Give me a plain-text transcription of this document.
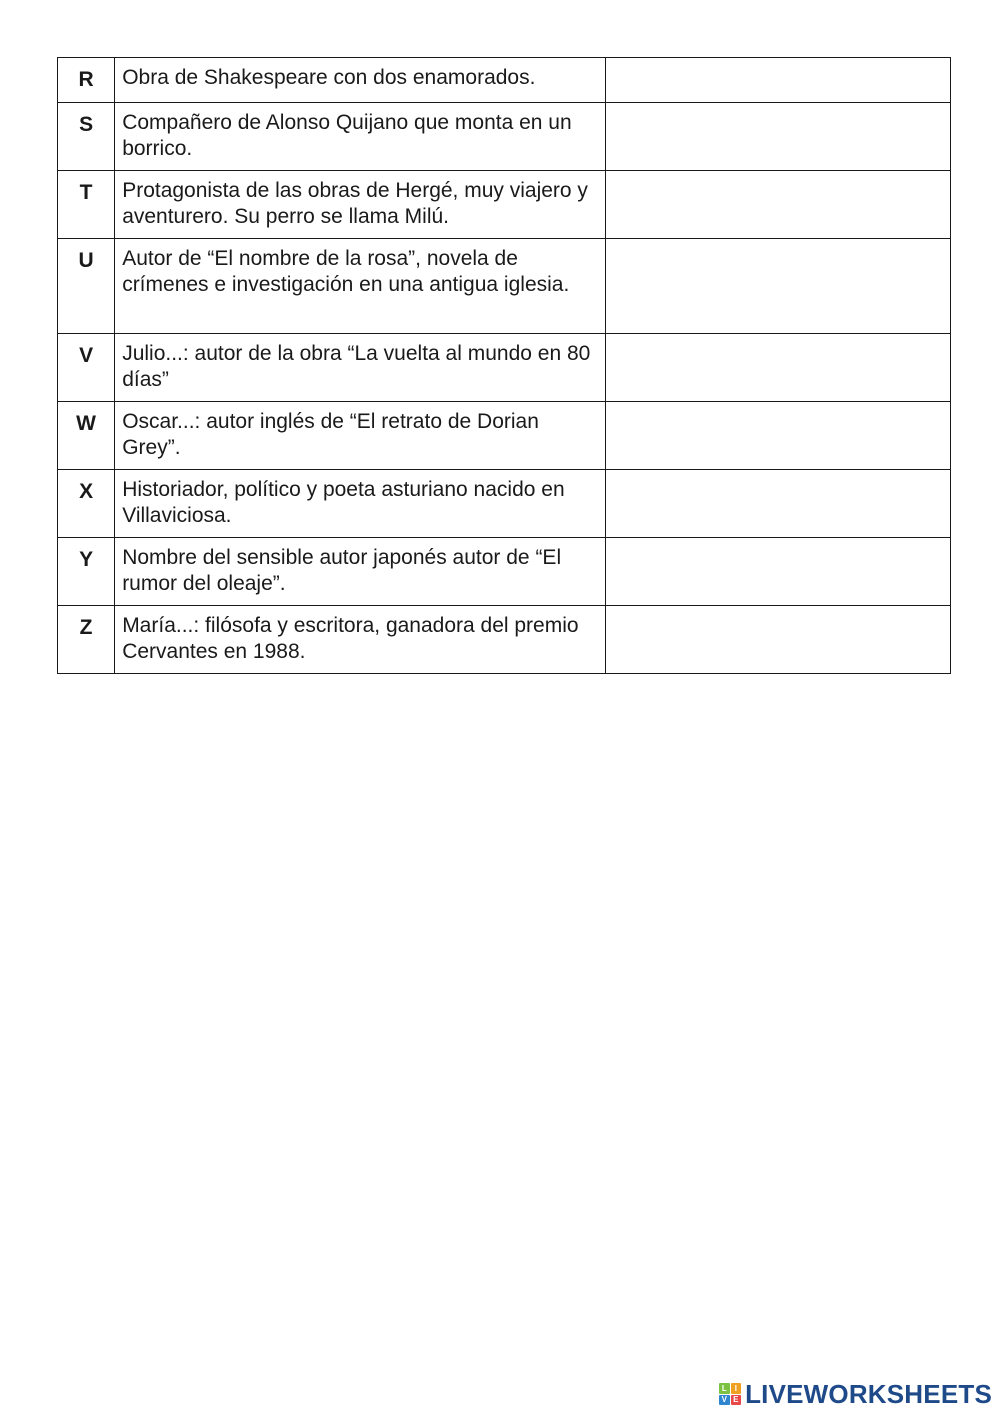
R	Obra de Shakespeare con dos enamorados.	

S	Compañero de Alonso Quijano que monta en un borrico.	

T	Protagonista de las obras de Hergé, muy viajero y aventurero. Su perro se llama Milú.	

U	Autor de “El nombre de la rosa”, novela de crímenes e investigación en una antigua iglesia.	

V	Julio...: autor de la obra “La vuelta al mundo en 80 días”	

W	Oscar...: autor inglés de “El retrato de Dorian Grey”.	

X	Historiador, político y poeta asturiano nacido en Villaviciosa.	

Y	Nombre del sensible autor japonés autor de “El rumor del oleaje”.	

Z	María...: filósofa y escritora, ganadora del premio Cervantes en 1988.	
L I
V E LIVEWORKSHEETS
